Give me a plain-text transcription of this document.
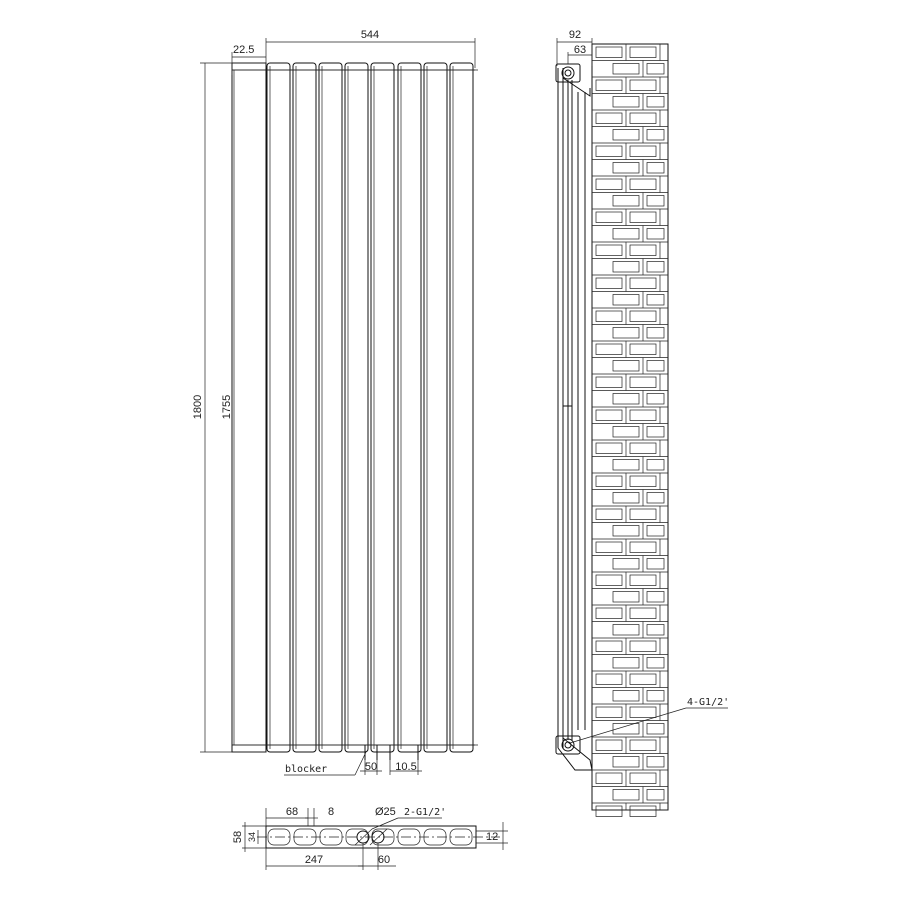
544
22.5
1800 1755
blocker	50 10.5
92
63
4-G1/2'
68	8	Ø25 2-G1/2'
58 34	12
247	60
